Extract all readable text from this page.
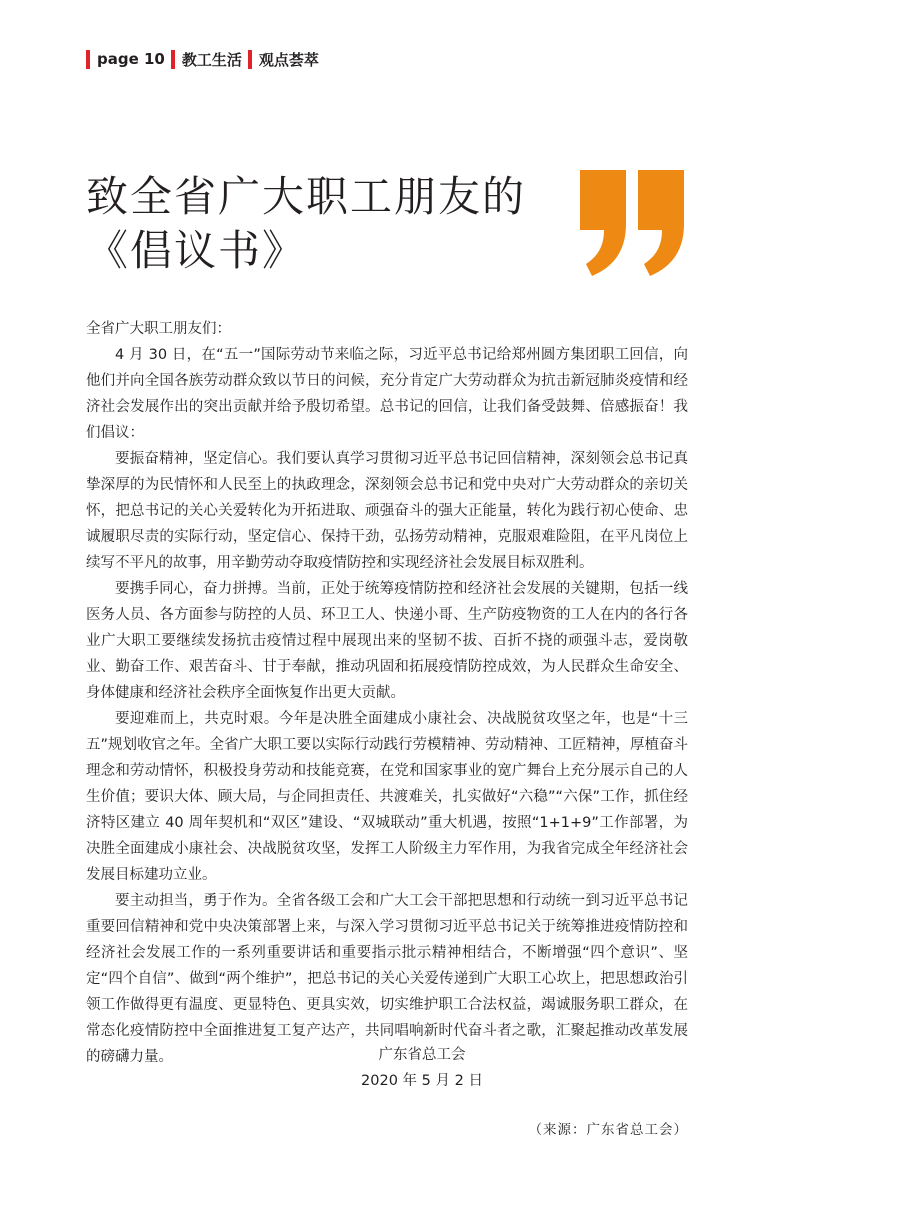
page 10 教工生活 观点荟萃
致全省广大职工朋友的
《倡议书》

全省广大职工朋友们：

4 月 30 日，在“五一”国际劳动节来临之际，习近平总书记给郑州圆方集团职工回信，向他们并向全国各族劳动群众致以节日的问候，充分肯定广大劳动群众为抗击新冠肺炎疫情和经济社会发展作出的突出贡献并给予殷切希望。总书记的回信，让我们备受鼓舞、倍感振奋！我们倡议：

要振奋精神，坚定信心。我们要认真学习贯彻习近平总书记回信精神，深刻领会总书记真挚深厚的为民情怀和人民至上的执政理念，深刻领会总书记和党中央对广大劳动群众的亲切关怀，把总书记的关心关爱转化为开拓进取、顽强奋斗的强大正能量，转化为践行初心使命、忠诚履职尽责的实际行动，坚定信心、保持干劲，弘扬劳动精神，克服艰难险阻，在平凡岗位上续写不平凡的故事，用辛勤劳动夺取疫情防控和实现经济社会发展目标双胜利。

要携手同心，奋力拼搏。当前，正处于统筹疫情防控和经济社会发展的关键期，包括一线医务人员、各方面参与防控的人员、环卫工人、快递小哥、生产防疫物资的工人在内的各行各业广大职工要继续发扬抗击疫情过程中展现出来的坚韧不拔、百折不挠的顽强斗志，爱岗敬业、勤奋工作、艰苦奋斗、甘于奉献，推动巩固和拓展疫情防控成效，为人民群众生命安全、身体健康和经济社会秩序全面恢复作出更大贡献。

要迎难而上，共克时艰。今年是决胜全面建成小康社会、决战脱贫攻坚之年，也是“十三五”规划收官之年。全省广大职工要以实际行动践行劳模精神、劳动精神、工匠精神，厚植奋斗理念和劳动情怀，积极投身劳动和技能竞赛，在党和国家事业的宽广舞台上充分展示自己的人生价值；要识大体、顾大局，与企同担责任、共渡难关，扎实做好“六稳”“六保”工作，抓住经济特区建立 40 周年契机和“双区”建设、“双城联动”重大机遇，按照“1+1+9”工作部署，为决胜全面建成小康社会、决战脱贫攻坚，发挥工人阶级主力军作用，为我省完成全年经济社会发展目标建功立业。

要主动担当，勇于作为。全省各级工会和广大工会干部把思想和行动统一到习近平总书记重要回信精神和党中央决策部署上来，与深入学习贯彻习近平总书记关于统筹推进疫情防控和经济社会发展工作的一系列重要讲话和重要指示批示精神相结合，不断增强“四个意识”、坚定“四个自信”、做到“两个维护”，把总书记的关心关爱传递到广大职工心坎上，把思想政治引领工作做得更有温度、更显特色、更具实效，切实维护职工合法权益，竭诚服务职工群众，在常态化疫情防控中全面推进复工复产达产，共同唱响新时代奋斗者之歌，汇聚起推动改革发展的磅礴力量。	广东省总工会
2020 年 5 月 2 日
（来源：广东省总工会）
